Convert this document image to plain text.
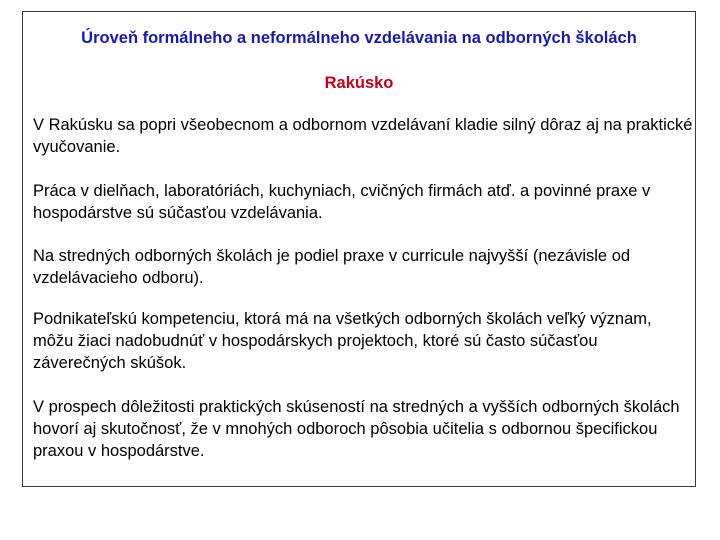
Úroveň formálneho a neformálneho vzdelávania na odborných školách
Rakúsko

V Rakúsku sa popri všeobecnom a odbornom vzdelávaní kladie silný dôraz aj na praktické vyučovanie.

Práca v dielňach, laboratóriách, kuchyniach, cvičných firmách atď. a povinné praxe v hospodárstve sú súčasťou vzdelávania.

Na stredných odborných školách je podiel praxe v curricule najvyšší (nezávisle od vzdelávacieho odboru).

Podnikateľskú kompetenciu, ktorá má na všetkých odborných školách veľký význam, môžu žiaci nadobudnúť v hospodárskych projektoch, ktoré sú často súčasťou záverečných skúšok.

V prospech dôležitosti praktických skúseností na stredných a vyšších odborných školách hovorí aj skutočnosť, že v mnohých odboroch pôsobia učitelia s odbornou špecifickou praxou v hospodárstve.
